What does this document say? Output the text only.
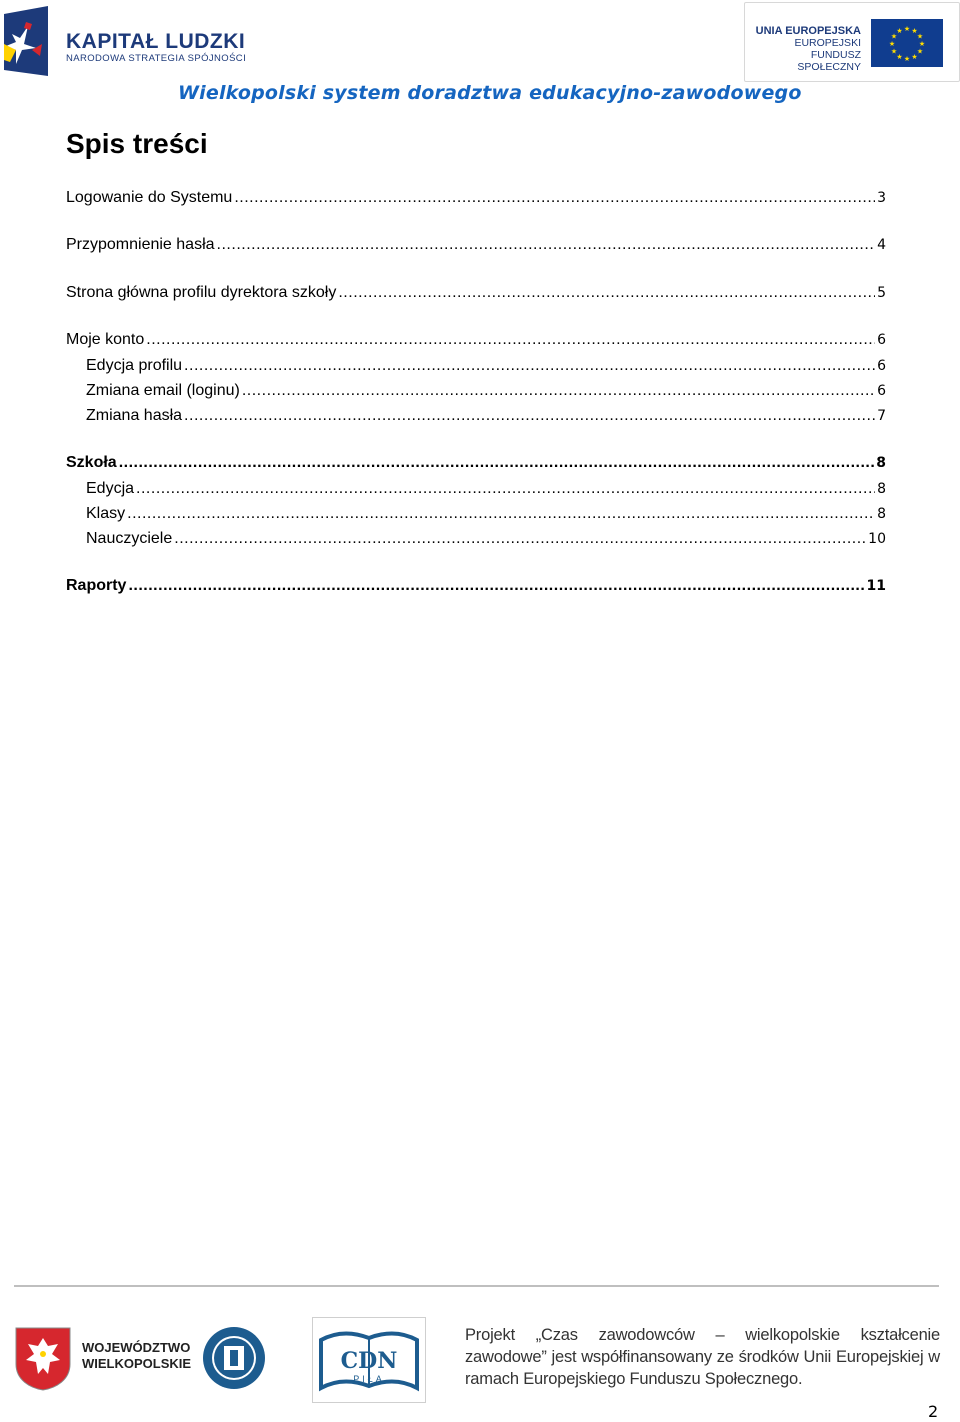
KAPITAŁ LUDZKI
NARODOWA STRATEGIA SPÓJNOŚCI
UNIA EUROPEJSKA
EUROPEJSKI
FUNDUSZ SPOŁECZNY
★ ★
★
★
★
★
★
★
★
★
★
★
Wielkopolski system doradztwa edukacyjno-zawodowego
Spis treści
Logowanie do Systemu .....	3
Przypomnienie hasła .....	4
Strona główna profilu dyrektora szkoły .....	5
Moje konto .....	6
Edycja profilu .....	6
Zmiana email (loginu) .....	6
Zmiana hasła .....	7
Szkoła .....	8
Edycja .....	8
Klasy .....	8
Nauczyciele .....	10
Raporty .....	11
WOJEWÓDZTWO
WIELKOPOLSKIE	CDN
PIŁA
Projekt „Czas zawodowców – wielkopolskie kształcenie zawodowe” jest współfinansowany ze środków Unii Europejskiej w ramach Europejskiego Funduszu Społecznego.
2
